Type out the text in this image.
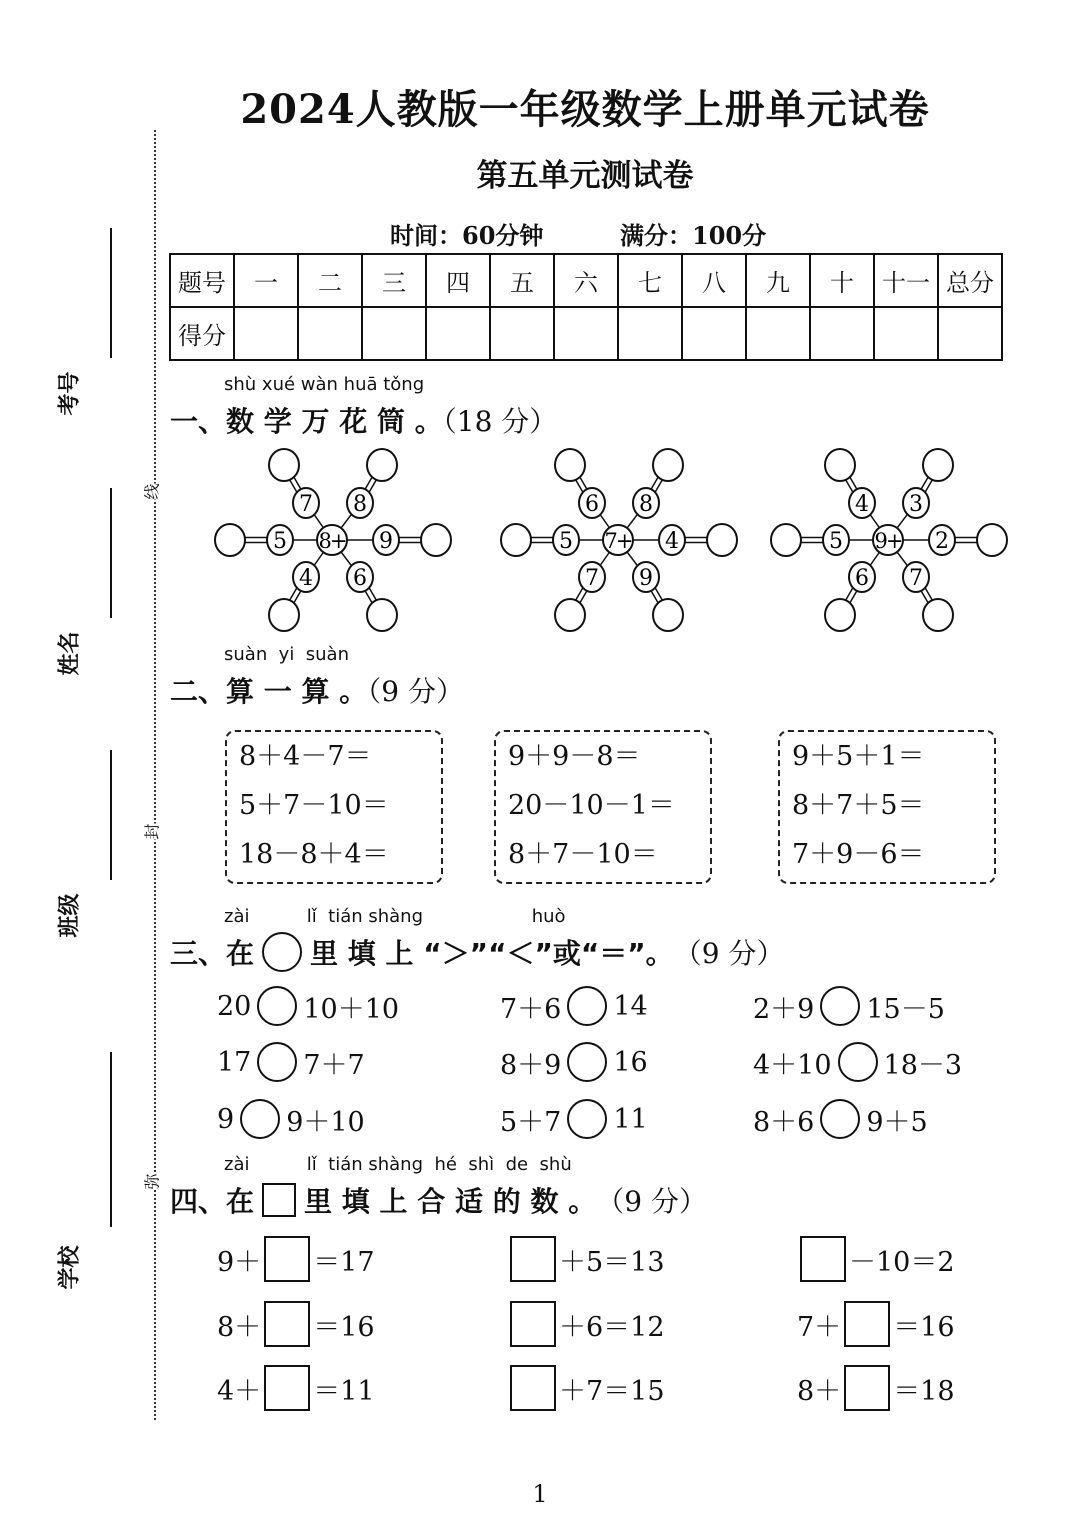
2024人教版一年级数学上册单元试卷
第五单元测试卷
时间：60分钟	满分：100分
题号	一	二	三	四	五	六	七	八	九	十	十一	总分
得分												
线
封
弥
考号
姓名
班级
学校
shù xué wàn huā tǒng
一、数 学 万 花 筒 。（18 分）
7 8
5	9
4 6
8+
6 8
5	4
7 9
7+
4 3
5	2
6 7
9+
suàn  yi  suàn
二、算 一 算 。（9 分）
8＋4－7＝
5＋7－10＝
18－8＋4＝
9＋9－8＝
20－10－1＝
8＋7－10＝
9＋5＋1＝
8＋7＋5＝
7＋9－6＝
zài          lǐ  tián shàng                   huò
三、在 里 填 上 “＞”“＜”或“＝”。 （9 分）
20 10＋10	7＋6 14	2＋9 15－5
17 7＋7	8＋9 16	4＋10 18－3
9 9＋10	5＋7 11	8＋6 9＋5
zài          lǐ  tián shàng  hé  shì  de  shù
四、在 里 填 上 合 适 的 数 。 （9 分）
9＋ ＝17	＋5＝13	－10＝2
8＋ ＝16	＋6＝12	7＋ ＝16
4＋ ＝11	＋7＝15	8＋ ＝18
1
